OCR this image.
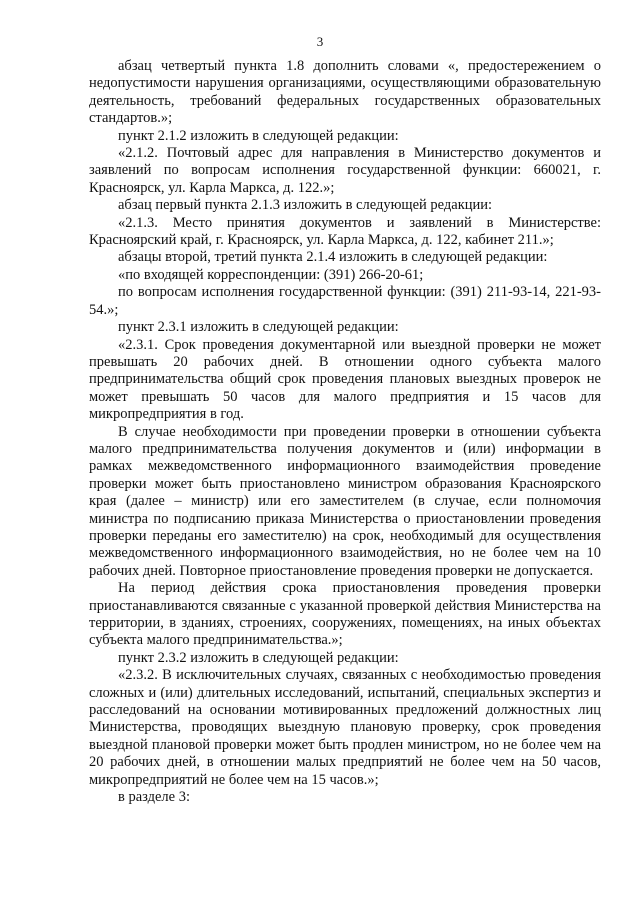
3

абзац четвертый пункта 1.8 дополнить словами «, предостережением о недопустимости нарушения организациями, осуществляющими образовательную деятельность, требований федеральных государственных образовательных стандартов.»;

пункт 2.1.2 изложить в следующей редакции:

«2.1.2. Почтовый адрес для направления в Министерство документов и заявлений по вопросам исполнения государственной функции: 660021, г. Красноярск, ул. Карла Маркса, д. 122.»;

абзац первый пункта 2.1.3 изложить в следующей редакции:

«2.1.3. Место принятия документов и заявлений в Министерстве: Красноярский край, г. Красноярск, ул. Карла Маркса, д. 122, кабинет 211.»;

абзацы второй, третий пункта 2.1.4 изложить в следующей редакции:

«по входящей корреспонденции: (391) 266-20-61;

по вопросам исполнения государственной функции: (391) 211-93-14, 221-93-54.»;

пункт 2.3.1 изложить в следующей редакции:

«2.3.1. Срок проведения документарной или выездной проверки не может превышать 20 рабочих дней. В отношении одного субъекта малого предпринимательства общий срок проведения плановых выездных проверок не может превышать 50 часов для малого предприятия и 15 часов для микропредприятия в год.

В случае необходимости при проведении проверки в отношении субъекта малого предпринимательства получения документов и (или) информации в рамках межведомственного информационного взаимодействия проведение проверки может быть приостановлено министром образования Красноярского края (далее – министр) или его заместителем (в случае, если полномочия министра по подписанию приказа Министерства о приостановлении проведения проверки переданы его заместителю) на срок, необходимый для осуществления межведомственного информационного взаимодействия, но не более чем на 10 рабочих дней. Повторное приостановление проведения проверки не допускается.

На период действия срока приостановления проведения проверки приостанавливаются связанные с указанной проверкой действия Министерства на территории, в зданиях, строениях, сооружениях, помещениях, на иных объектах субъекта малого предпринимательства.»;

пункт 2.3.2 изложить в следующей редакции:

«2.3.2. В исключительных случаях, связанных с необходимостью проведения сложных и (или) длительных исследований, испытаний, специальных экспертиз и расследований на основании мотивированных предложений должностных лиц Министерства, проводящих выездную плановую проверку, срок проведения выездной плановой проверки может быть продлен министром, но не более чем на 20 рабочих дней, в отношении малых предприятий не более чем на 50 часов, микропредприятий не более чем на 15 часов.»;

в разделе 3:
